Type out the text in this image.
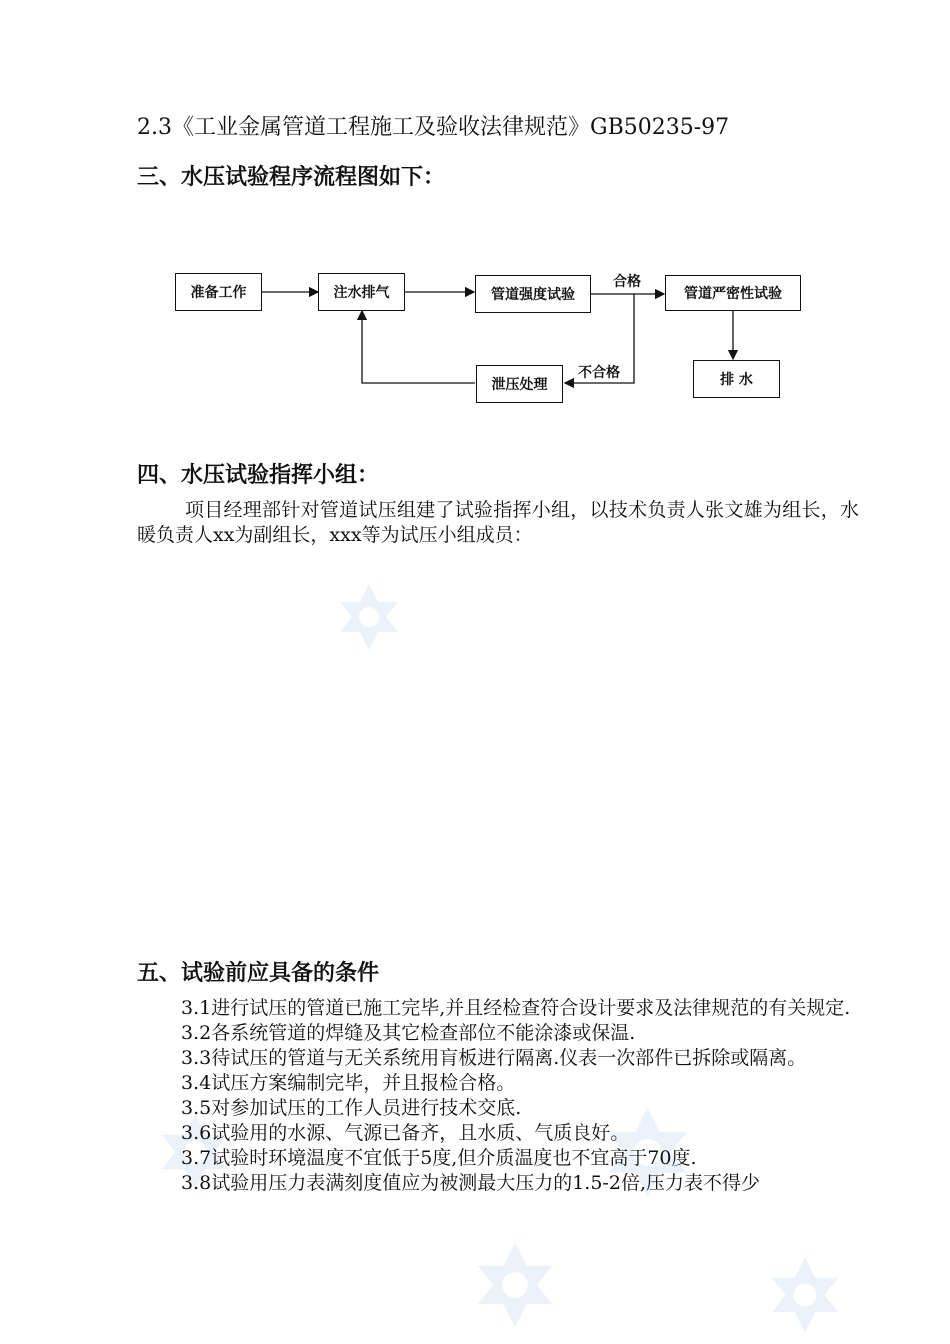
2.3《工业金属管道工程施工及验收法律规范》GB50235-97
三、水压试验程序流程图如下：
准备工作	注水排气	管道强度试验	管道严密性试验
排 水
泄压处理
合格
不合格
四、水压试验指挥小组：
项目经理部针对管道试压组建了试验指挥小组，以技术负责人张文雄为组长，水暖负责人xx为副组长，xxx等为试压小组成员：
五、试验前应具备的条件

3.1进行试压的管道已施工完毕,并且经检查符合设计要求及法律规范的有关规定.

3.2各系统管道的焊缝及其它检查部位不能涂漆或保温.

3.3待试压的管道与无关系统用肓板进行隔离.仪表一次部件已拆除或隔离。

3.4试压方案编制完毕，并且报检合格。

3.5对参加试压的工作人员进行技术交底.

3.6试验用的水源、气源已备齐，且水质、气质良好。

3.7试验时环境温度不宜低于5度,但介质温度也不宜高于70度.

3.8试验用压力表满刻度值应为被测最大压力的1.5-2倍,压力表不得少
